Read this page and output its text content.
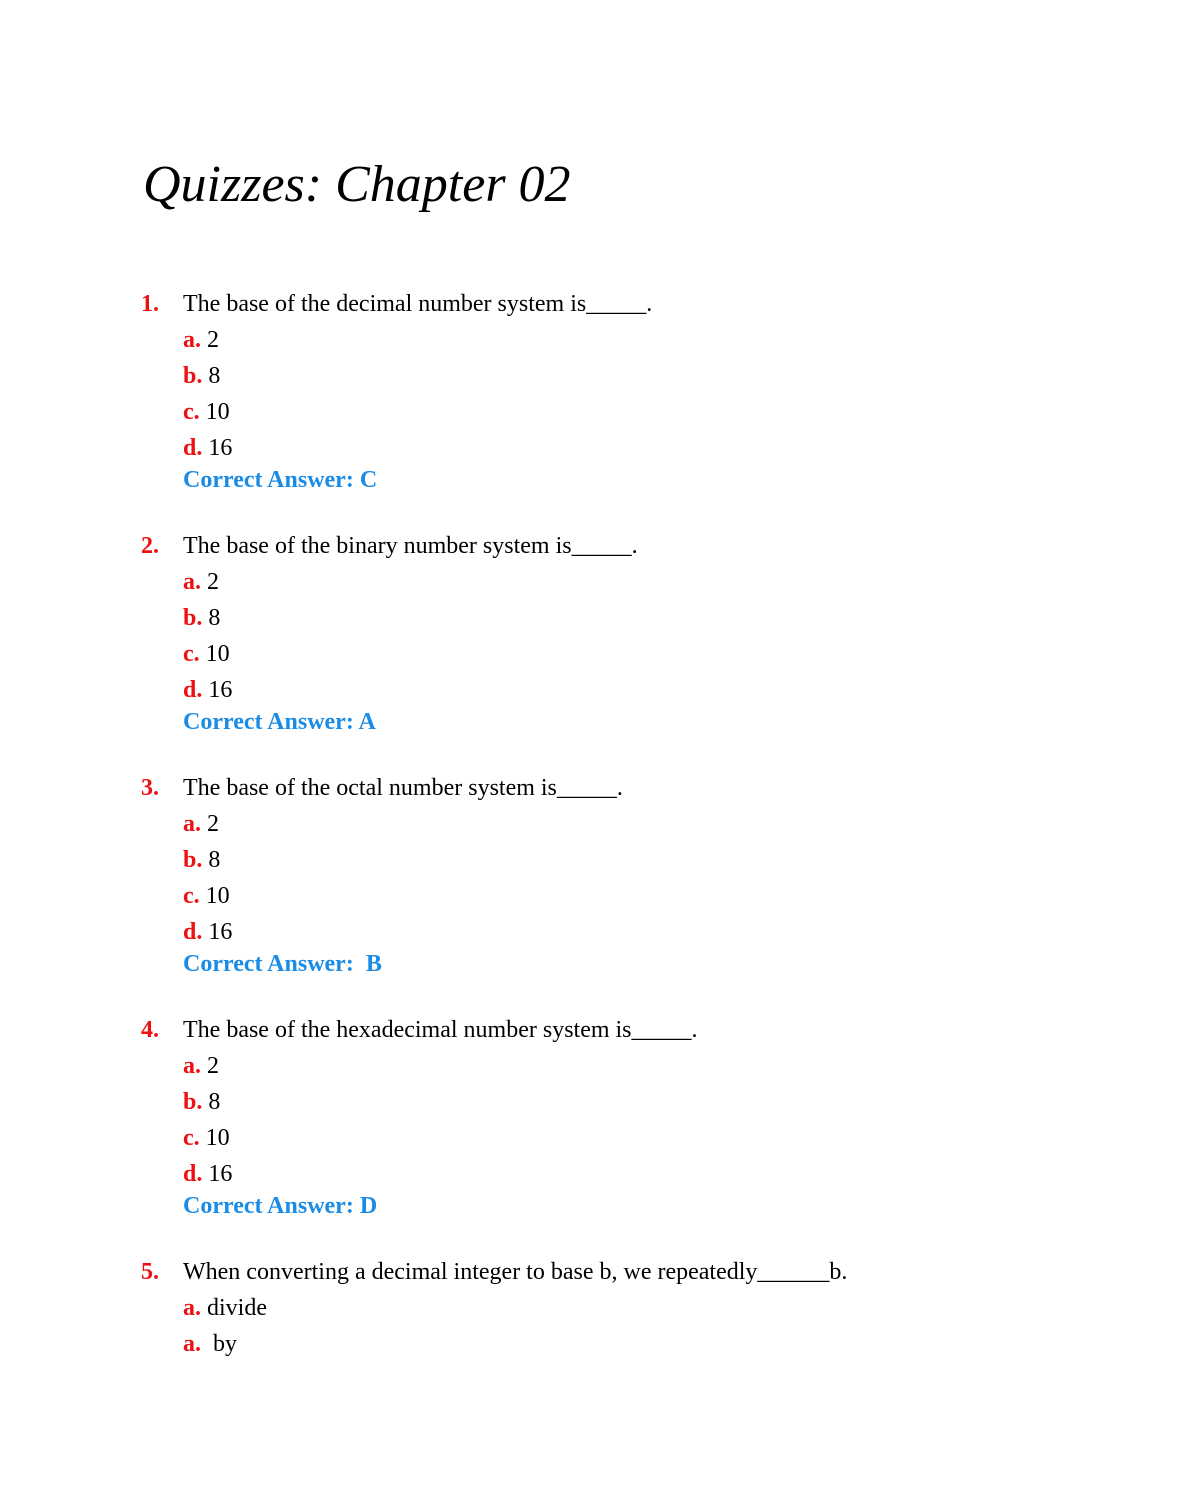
Quizzes: Chapter 02
1. The base of the decimal number system is_____.
a. 2
b. 8
c. 10
d. 16
Correct Answer: C
2. The base of the binary number system is_____.
a. 2
b. 8
c. 10
d. 16
Correct Answer: A
3. The base of the octal number system is_____.
a. 2
b. 8
c. 10
d. 16
Correct Answer:  B
4. The base of the hexadecimal number system is_____.
a. 2
b. 8
c. 10
d. 16
Correct Answer: D
5. When converting a decimal integer to base b, we repeatedly______b.
a. divide
a.  by
